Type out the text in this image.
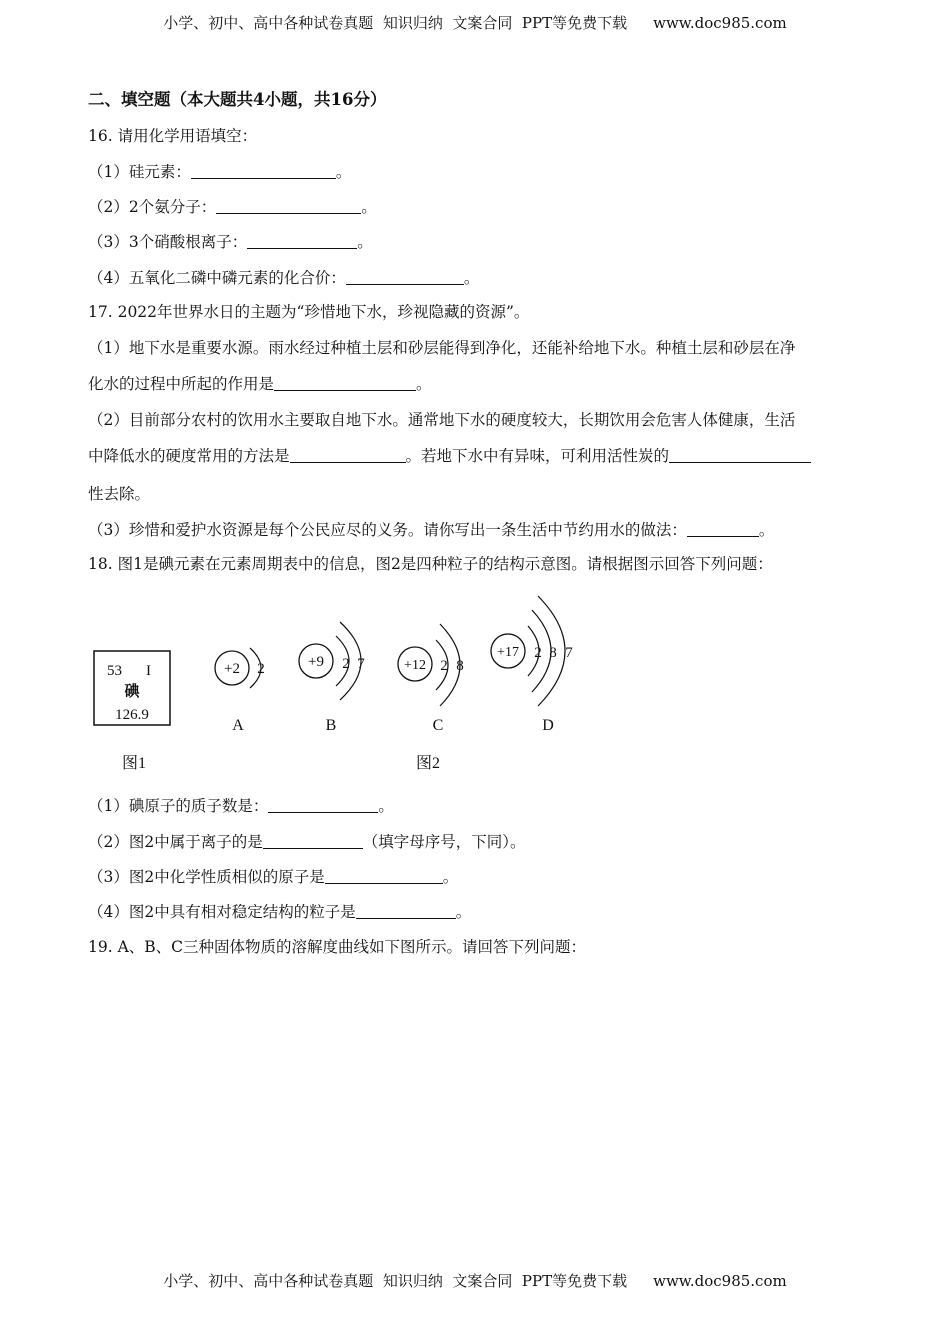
小学、初中、高中各种试卷真题  知识归纳  文案合同  PPT等免费下载 www.doc985.com
二、填空题（本大题共4小题，共16分）
16. 请用化学用语填空：
（1）硅元素：	。
（2）2个氨分子：	。
（3）3个硝酸根离子：	。
（4）五氧化二磷中磷元素的化合价：	。
17. 2022年世界水日的主题为“珍惜地下水，珍视隐藏的资源”。
（1）地下水是重要水源。雨水经过种植土层和砂层能得到净化，还能补给地下水。种植土层和砂层在净
化水的过程中所起的作用是	。
（2）目前部分农村的饮用水主要取自地下水。通常地下水的硬度较大，长期饮用会危害人体健康，生活
中降低水的硬度常用的方法是	。若地下水中有异味，可利用活性炭的
性去除。
（3）珍惜和爱护水资源是每个公民应尽的义务。请你写出一条生活中节约用水的做法：	。
18. 图1是碘元素在元素周期表中的信息，图2是四种粒子的结构示意图。请根据图示回答下列问题：
53 I
碘
126.9
图1	图2
+2 2
A
+9 2 7
B
+12 2 8
C
+17 2 8 7
D
（1）碘原子的质子数是：	。
（2）图2中属于离子的是	（填字母序号，下同）。
（3）图2中化学性质相似的原子是	。
（4）图2中具有相对稳定结构的粒子是	。
19. A、B、C三种固体物质的溶解度曲线如下图所示。请回答下列问题：
小学、初中、高中各种试卷真题  知识归纳  文案合同  PPT等免费下载 www.doc985.com
